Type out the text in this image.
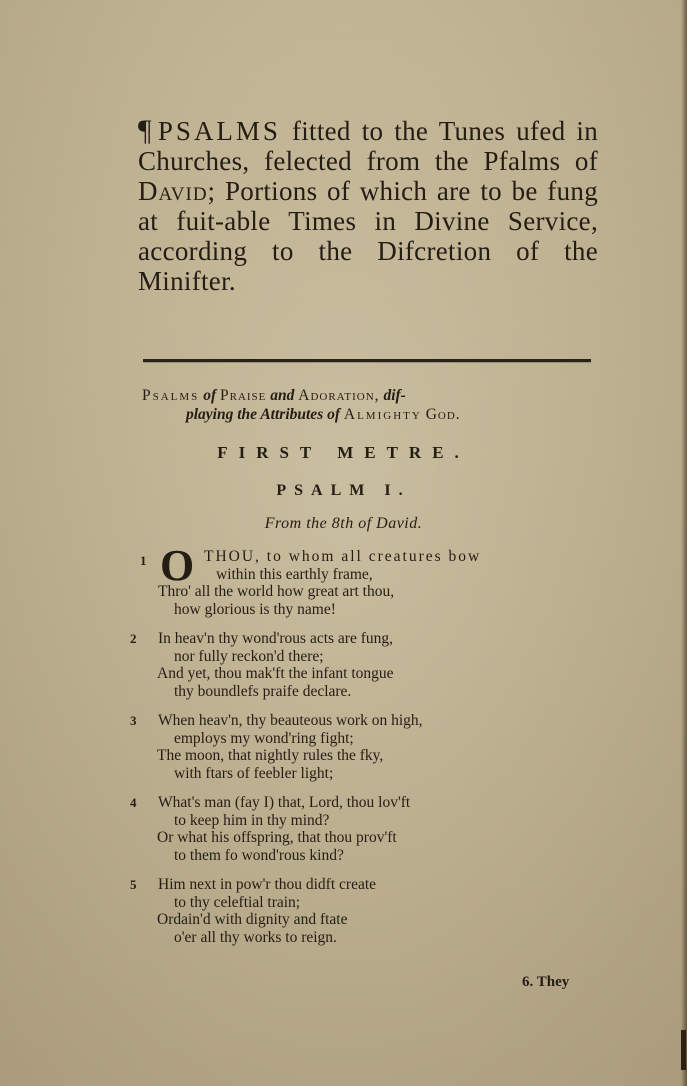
¶ PSALMS fitted to the Tunes ufed in Churches, felected from the Pfalms of David; Portions of which are to be fung at fuit-able Times in Divine Service, according to the Difcretion of the Minifter.
Psalms of Praise and Adoration, dif-
playing the Attributes of Almighty God.
FIRST METRE.
PSALM I.
From the 8th of David.
1 O THOU, to whom all creatures bow
within this earthly frame,
Thro' all the world how great art thou,
how glorious is thy name!
2	In heav'n thy wond'rous acts are fung,
nor fully reckon'd there;
And yet, thou mak'ft the infant tongue
thy boundlefs praife declare.
3	When heav'n, thy beauteous work on high,
employs my wond'ring fight;
The moon, that nightly rules the fky,
with ftars of feebler light;
4	What's man (fay I) that, Lord, thou lov'ft
to keep him in thy mind?
Or what his offspring, that thou prov'ft
to them fo wond'rous kind?
5	Him next in pow'r thou didft create
to thy celeftial train;
Ordain'd with dignity and ftate
o'er all thy works to reign.
6. They
